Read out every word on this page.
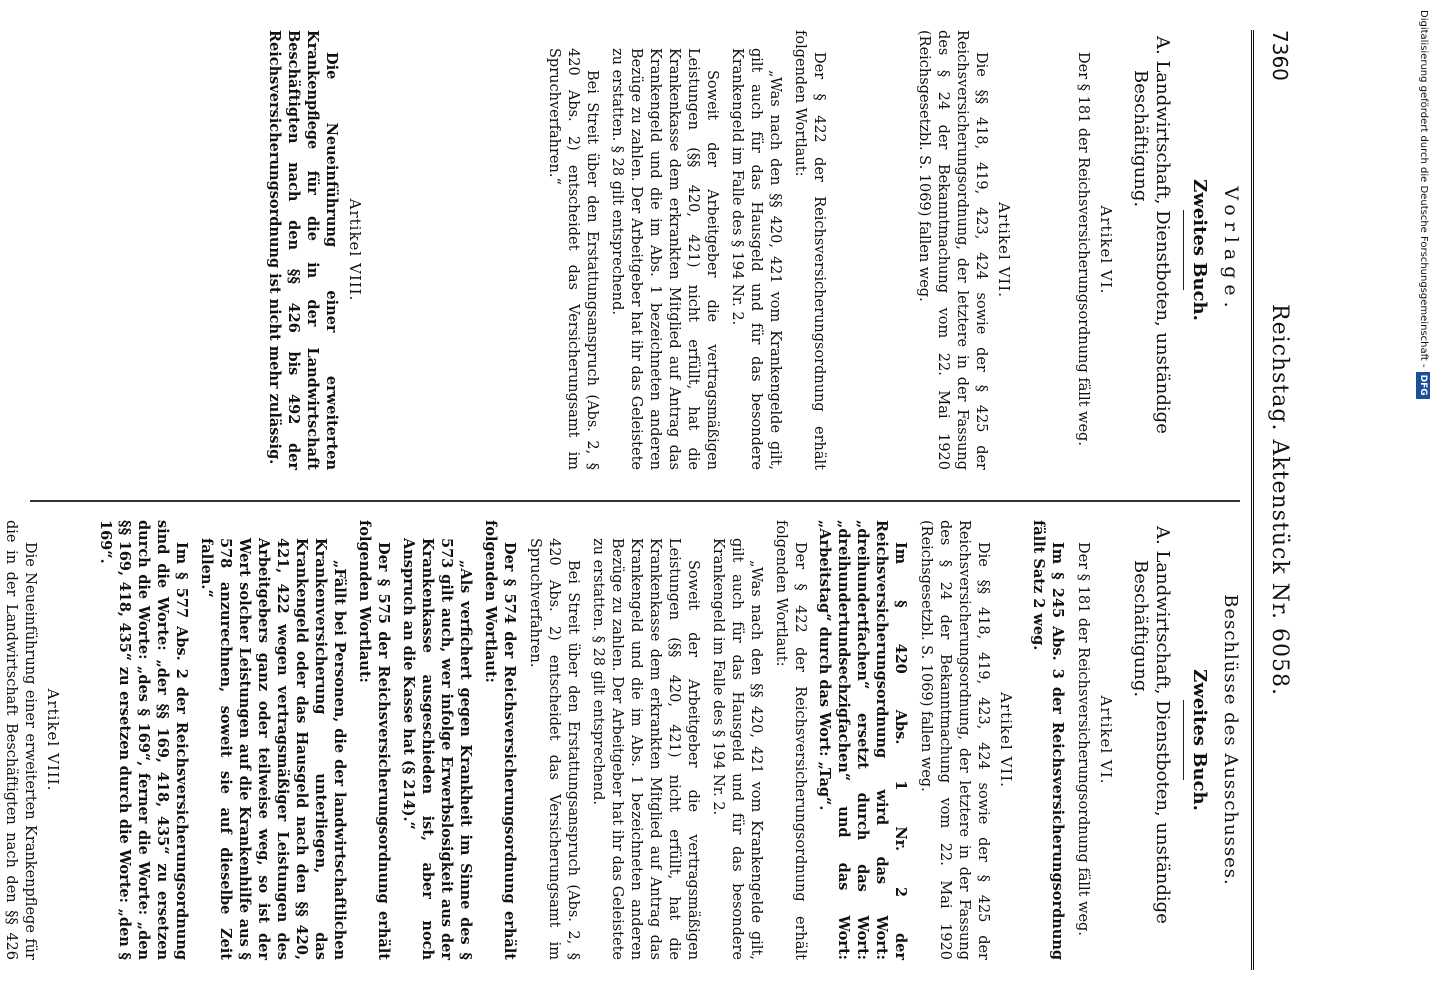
7360
Reichstag. Aktenstück Nr. 6058.
Vorlage.
Zweites Buch.
A. Landwirtschaft, Dienstboten, unständige Beschäftigung.
Artikel VI.

Der § 181 der Reichsversicherungsordnung fällt weg.

Artikel VII.

Die §§ 418, 419, 423, 424 sowie der § 425 der Reichsversicherungsordnung, der letztere in der Fassung des § 24 der Bekanntmachung vom 22. Mai 1920 (Reichsgesetzbl. S. 1069) fallen weg.

Der § 422 der Reichsversicherungsordnung erhält folgenden Wortlaut:

„Was nach den §§ 420, 421 vom Krankengelde gilt, gilt auch für das Hausgeld und für das besondere Krankengeld im Falle des § 194 Nr. 2.

Soweit der Arbeitgeber die vertragsmäßigen Leistungen (§§ 420, 421) nicht erfüllt, hat die Krankenkasse dem erkrankten Mitglied auf Antrag das Krankengeld und die im Abs. 1 bezeichneten anderen Bezüge zu zahlen. Der Arbeitgeber hat ihr das Geleistete zu erstatten. § 28 gilt entsprechend.

Bei Streit über den Erstattungsanspruch (Abs. 2, § 420 Abs. 2) entscheidet das Versicherungsamt im Spruchverfahren.“

Artikel VIII.

Die Neueinführung einer erweiterten Krankenpflege für die in der Landwirtschaft Beschäftigten nach den §§ 426 bis 492 der Reichsversicherungsordnung ist nicht mehr zulässig.

Beschlüsse des Ausschusses.
Zweites Buch.
A. Landwirtschaft, Dienstboten, unständige Beschäftigung.
Artikel VI.

Der § 181 der Reichsversicherungsordnung fällt weg.

Im § 245 Abs. 3 der Reichsversicherungsordnung fällt Satz 2 weg.

Artikel VII.

Die §§ 418, 419, 423, 424 sowie der § 425 der Reichsversicherungsordnung, der letztere in der Fassung des § 24 der Bekanntmachung vom 22. Mai 1920 (Reichsgesetzbl. S. 1069) fallen weg.

Im § 420 Abs. 1 Nr. 2 der Reichsversicherungsordnung wird das Wort: „dreihundertfachen“ ersetzt durch das Wort: „dreihundertundsechzigfachen“ und das Wort: „Arbeitstag“ durch das Wort: „Tag“.

Der § 422 der Reichsversicherungsordnung erhält folgenden Wortlaut:

„Was nach den §§ 420, 421 vom Krankengelde gilt, gilt auch für das Hausgeld und für das besondere Krankengeld im Falle des § 194 Nr. 2.

Soweit der Arbeitgeber die vertragsmäßigen Leistungen (§§ 420, 421) nicht erfüllt, hat die Krankenkasse dem erkrankten Mitglied auf Antrag das Krankengeld und die im Abs. 1 bezeichneten anderen Bezüge zu zahlen. Der Arbeitgeber hat ihr das Geleistete zu erstatten. § 28 gilt entsprechend.

Bei Streit über den Erstattungsanspruch (Abs. 2, § 420 Abs. 2) entscheidet das Versicherungsamt im Spruchverfahren.

Der § 574 der Reichsversicherungsordnung erhält folgenden Wortlaut:

„Als verfichert gegen Krankheit im Sinne des § 573 gilt auch, wer infolge Erwerbslosigkeit aus der Krankenkasse ausgeschieden ist, aber noch Anspruch an die Kasse hat (§ 214).“

Der § 575 der Reichsversicherungsordnung erhält folgenden Wortlaut:

„Fällt bei Personen, die der landwirtschaftlichen Krankenversicherung unterliegen, das Krankengeld oder das Hausgeld nach den §§ 420, 421, 422 wegen vertragsmäßiger Leistungen des Arbeitgebers ganz oder teilweise weg, so ist der Wert solcher Leistungen auf die Krankenhilfe aus § 578 anzurechnen, soweit sie auf dieselbe Zeit fallen.“

Im § 577 Abs. 2 der Reichsversicherungsordnung sind die Worte: „der §§ 169, 418, 435“ zu ersetzen durch die Worte: „des § 169“, ferner die Worte: „den §§ 169, 418, 435“ zu ersetzen durch die Worte: „den § 169“.

Artikel VIII.

Die Neueinführung einer erweiterten Krankenpflege für die in der Landwirtschaft Beschäftigten nach den §§ 426

Digitalisierung gefördert durch die Deutsche Forschungsgemeinschaft -DFG
